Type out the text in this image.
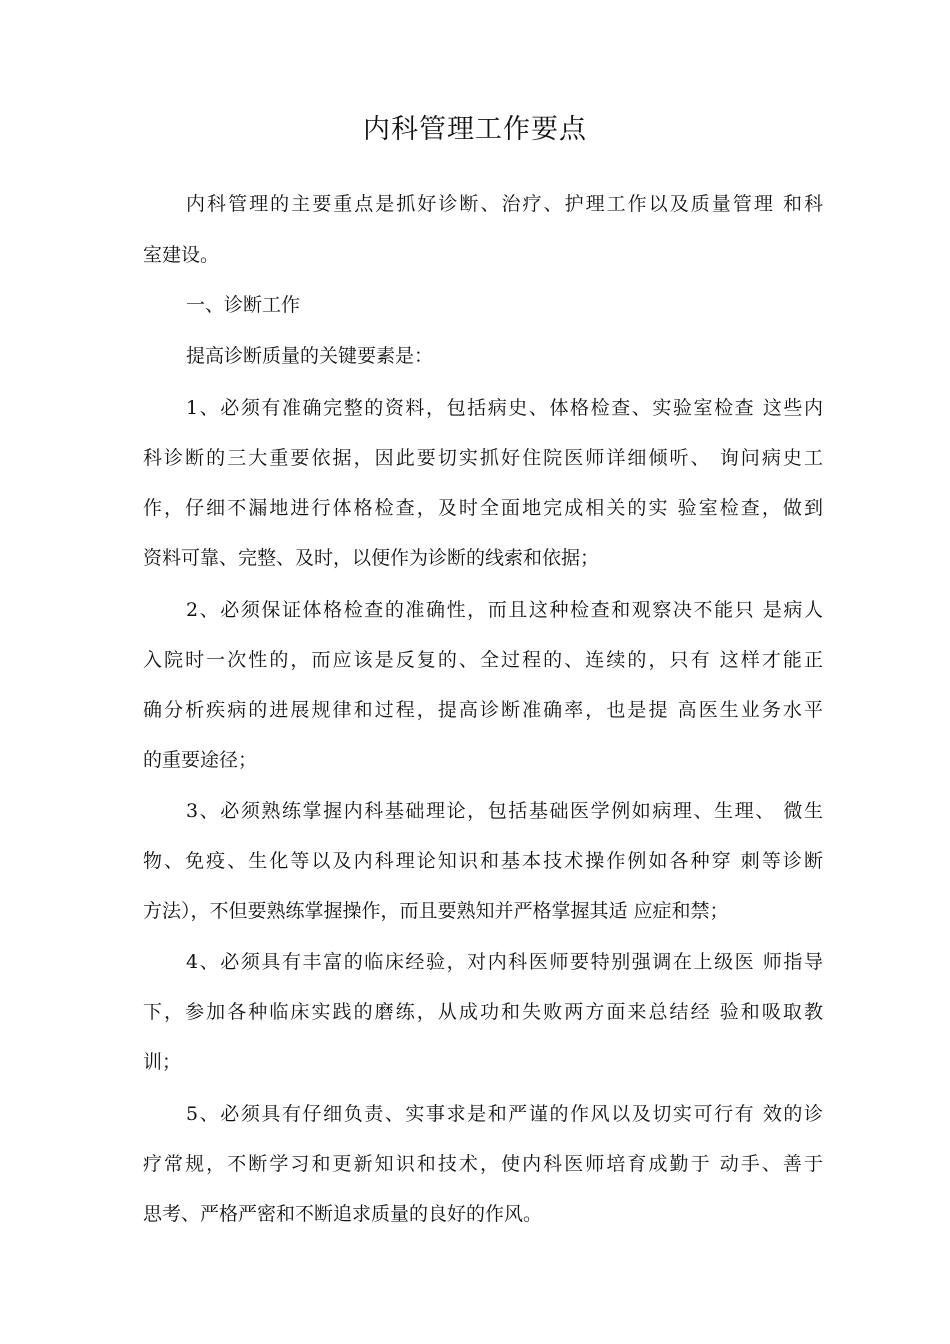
内科管理工作要点
内科管理的主要重点是抓好诊断、治疗、护理工作以及质量管理 和科
室建设。
一、诊断工作
提高诊断质量的关键要素是：
1、必须有准确完整的资料，包括病史、体格检查、实验室检查 这些内
科诊断的三大重要依据，因此要切实抓好住院医师详细倾听、 询问病史工
作，仔细不漏地进行体格检查，及时全面地完成相关的实 验室检查，做到
资料可靠、完整、及时，以便作为诊断的线索和依据；
2、必须保证体格检查的准确性，而且这种检查和观察决不能只 是病人
入院时一次性的，而应该是反复的、全过程的、连续的，只有 这样才能正
确分析疾病的进展规律和过程，提高诊断准确率，也是提 高医生业务水平
的重要途径；
3、必须熟练掌握内科基础理论，包括基础医学例如病理、生理、 微生
物、免疫、生化等以及内科理论知识和基本技术操作例如各种穿 刺等诊断
方法），不但要熟练掌握操作，而且要熟知并严格掌握其适 应症和禁；
4、必须具有丰富的临床经验，对内科医师要特别强调在上级医 师指导
下，参加各种临床实践的磨练，从成功和失败两方面来总结经 验和吸取教
训；
5、必须具有仔细负责、实事求是和严谨的作风以及切实可行有 效的诊
疗常规，不断学习和更新知识和技术，使内科医师培育成勤于 动手、善于
思考、严格严密和不断追求质量的良好的作风。
